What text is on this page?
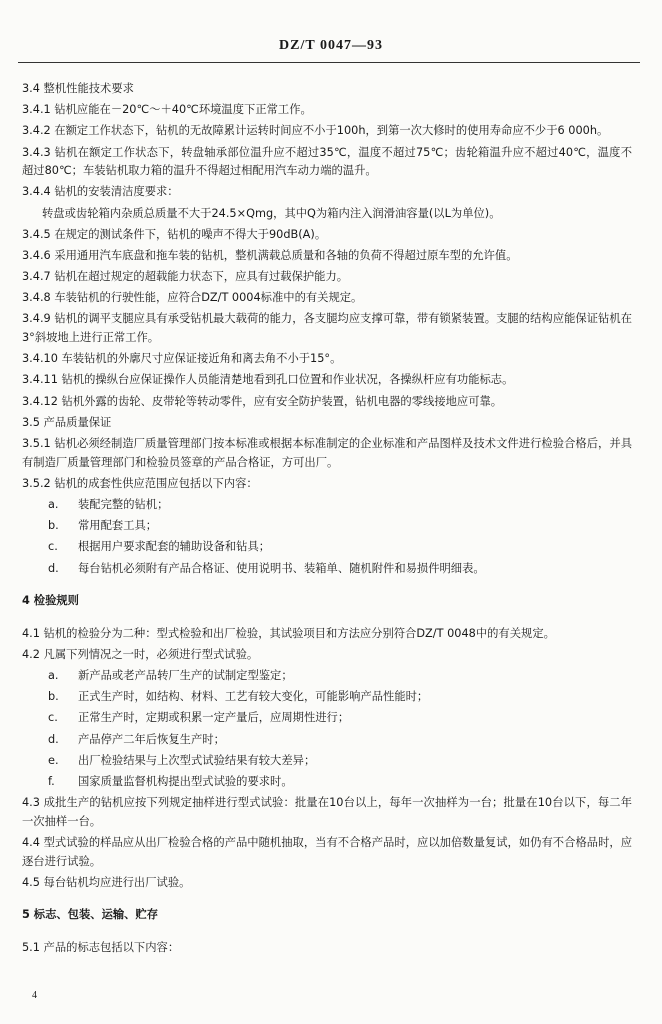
DZ/T 0047—93
3.4 整机性能技术要求
3.4.1 钻机应能在－20℃～＋40℃环境温度下正常工作。
3.4.2 在额定工作状态下，钻机的无故障累计运转时间应不小于100h，到第一次大修时的使用寿命应不少于6 000h。
3.4.3 钻机在额定工作状态下，转盘轴承部位温升应不超过35℃，温度不超过75℃；齿轮箱温升应不超过40℃，温度不超过80℃；车装钻机取力箱的温升不得超过相配用汽车动力端的温升。
3.4.4 钻机的安装清洁度要求：
转盘或齿轮箱内杂质总质量不大于24.5×Qmg，其中Q为箱内注入润滑油容量(以L为单位)。
3.4.5 在规定的测试条件下，钻机的噪声不得大于90dB(A)。
3.4.6 采用通用汽车底盘和拖车装的钻机，整机满载总质量和各轴的负荷不得超过原车型的允许值。
3.4.7 钻机在超过规定的超载能力状态下，应具有过载保护能力。
3.4.8 车装钻机的行驶性能，应符合DZ/T 0004标准中的有关规定。
3.4.9 钻机的调平支腿应具有承受钻机最大载荷的能力，各支腿均应支撑可靠，带有锁紧装置。支腿的结构应能保证钻机在3°斜坡地上进行正常工作。
3.4.10 车装钻机的外廓尺寸应保证接近角和离去角不小于15°。
3.4.11 钻机的操纵台应保证操作人员能清楚地看到孔口位置和作业状况，各操纵杆应有功能标志。
3.4.12 钻机外露的齿轮、皮带轮等转动零件，应有安全防护装置，钻机电器的零线接地应可靠。
3.5 产品质量保证
3.5.1 钻机必须经制造厂质量管理部门按本标准或根据本标准制定的企业标准和产品图样及技术文件进行检验合格后，并具有制造厂质量管理部门和检验员签章的产品合格证，方可出厂。
3.5.2 钻机的成套性供应范围应包括以下内容：
a. 装配完整的钻机；
b. 常用配套工具；
c. 根据用户要求配套的辅助设备和钻具；
d. 每台钻机必须附有产品合格证、使用说明书、装箱单、随机附件和易损件明细表。
4 检验规则
4.1 钻机的检验分为二种：型式检验和出厂检验，其试验项目和方法应分别符合DZ/T 0048中的有关规定。
4.2 凡属下列情况之一时，必须进行型式试验。
a. 新产品或老产品转厂生产的试制定型鉴定；
b. 正式生产时，如结构、材料、工艺有较大变化，可能影响产品性能时；
c. 正常生产时，定期或积累一定产量后，应周期性进行；
d. 产品停产二年后恢复生产时；
e. 出厂检验结果与上次型式试验结果有较大差异；
f. 国家质量监督机构提出型式试验的要求时。
4.3 成批生产的钻机应按下列规定抽样进行型式试验：批量在10台以上，每年一次抽样为一台；批量在10台以下，每二年一次抽样一台。
4.4 型式试验的样品应从出厂检验合格的产品中随机抽取，当有不合格产品时，应以加倍数量复试，如仍有不合格品时，应逐台进行试验。
4.5 每台钻机均应进行出厂试验。
5 标志、包装、运输、贮存
5.1 产品的标志包括以下内容：
4
